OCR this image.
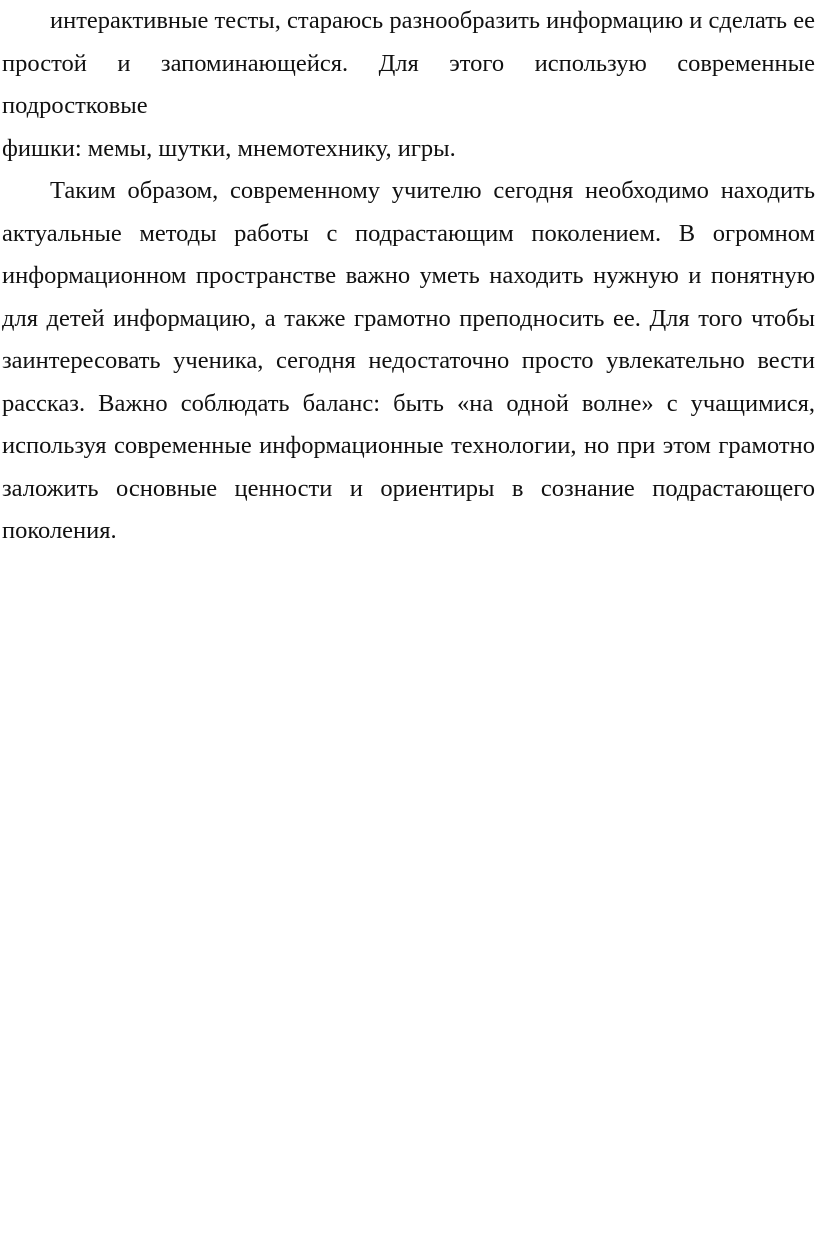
интерактивные тесты, стараюсь разнообразить информацию и сделать ее
простой и запоминающейся. Для этого использую современные подростковые
фишки: мемы, шутки, мнемотехнику, игры.
Таким образом, современному учителю сегодня необходимо находить
актуальные методы работы с подрастающим поколением. В огромном
информационном пространстве важно уметь находить нужную и понятную
для детей информацию, а также грамотно преподносить ее. Для того чтобы
заинтересовать ученика, сегодня недостаточно просто увлекательно вести
рассказ. Важно соблюдать баланс: быть «на одной волне» с учащимися,
используя современные информационные технологии, но при этом грамотно
заложить основные ценности и ориентиры в сознание подрастающего
поколения.
